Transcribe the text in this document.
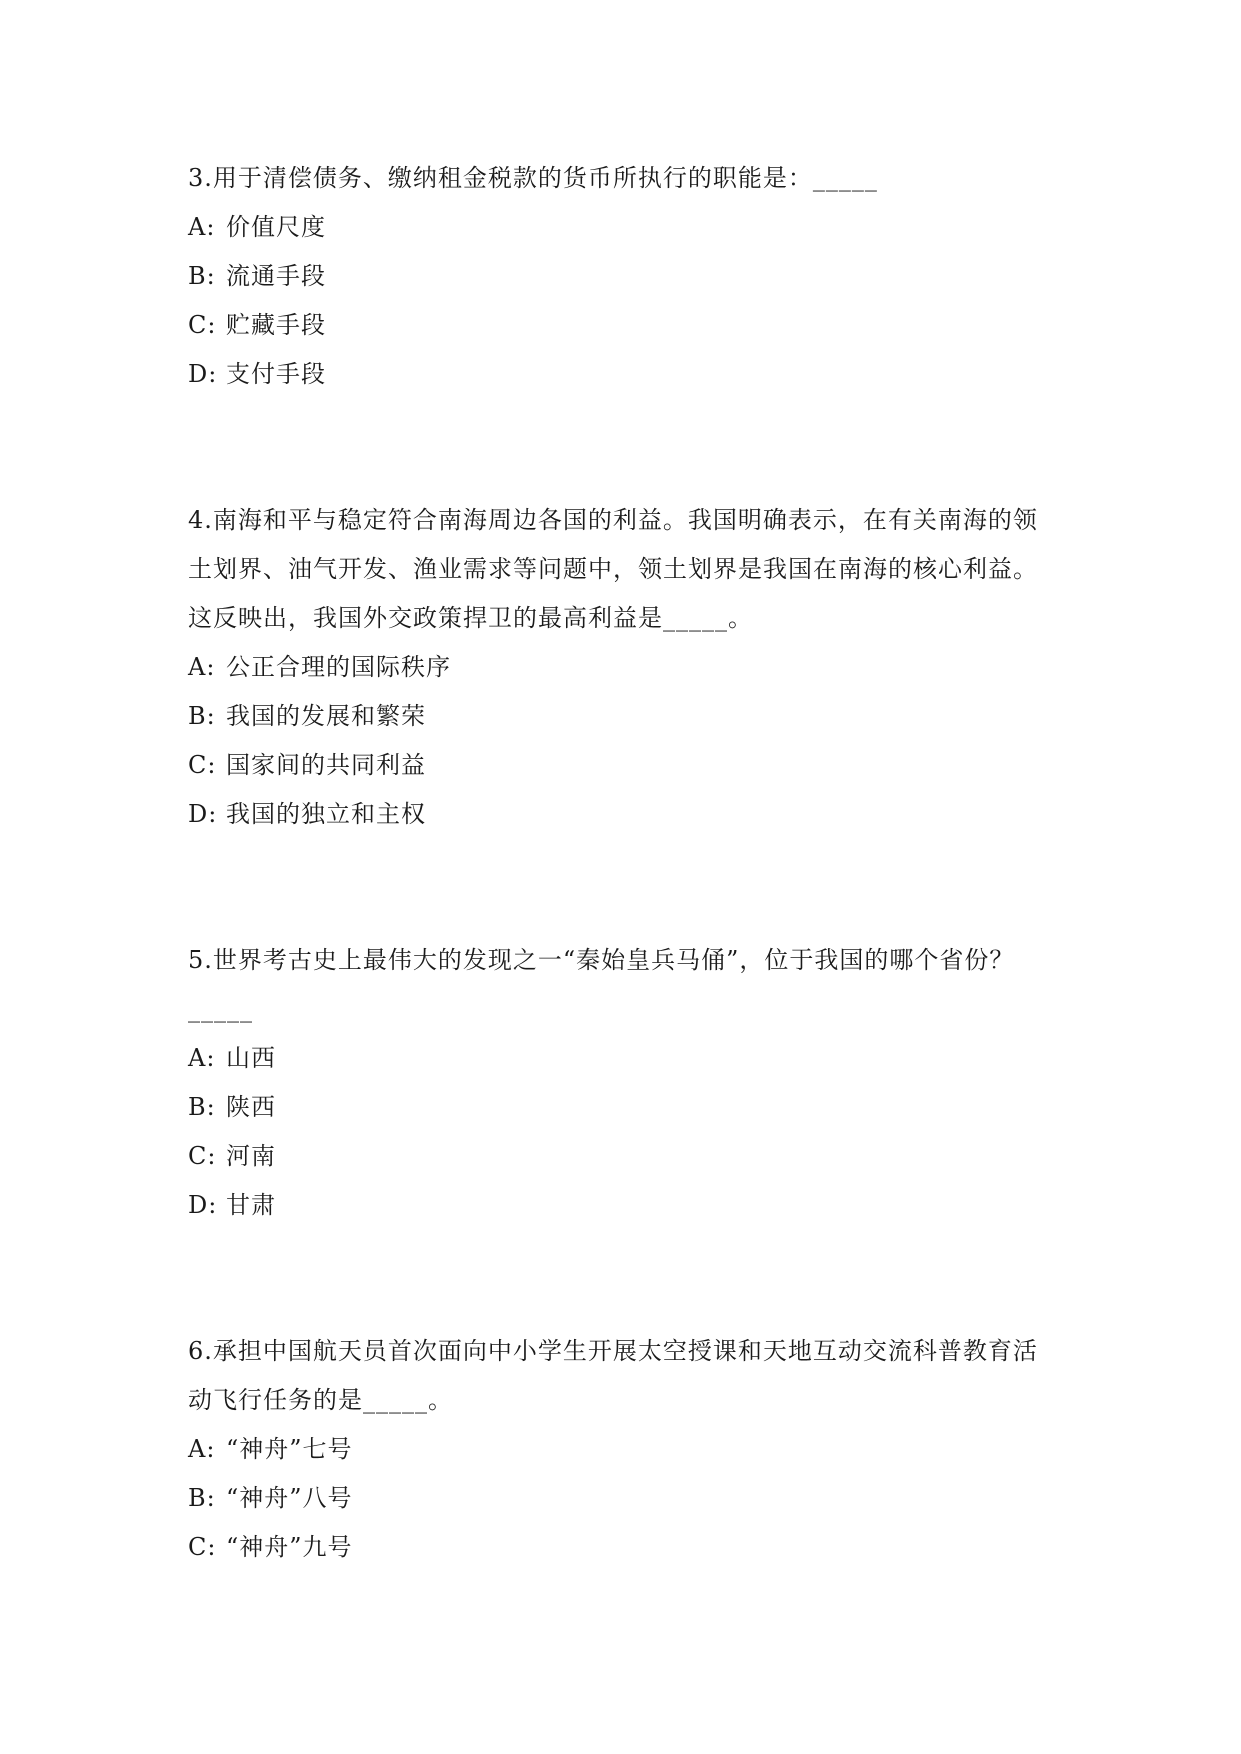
3.用于清偿债务、缴纳租金税款的货币所执行的职能是：_____
A: 价值尺度
B: 流通手段
C: 贮藏手段
D: 支付手段
4.南海和平与稳定符合南海周边各国的利益。我国明确表示，在有关南海的领
土划界、油气开发、渔业需求等问题中，领土划界是我国在南海的核心利益。
这反映出，我国外交政策捍卫的最高利益是_____。
A: 公正合理的国际秩序
B: 我国的发展和繁荣
C: 国家间的共同利益
D: 我国的独立和主权
5.世界考古史上最伟大的发现之一“秦始皇兵马俑”，位于我国的哪个省份？
_____
A: 山西
B: 陕西
C: 河南
D: 甘肃
6.承担中国航天员首次面向中小学生开展太空授课和天地互动交流科普教育活
动飞行任务的是_____。
A: “神舟”七号
B: “神舟”八号
C: “神舟”九号
